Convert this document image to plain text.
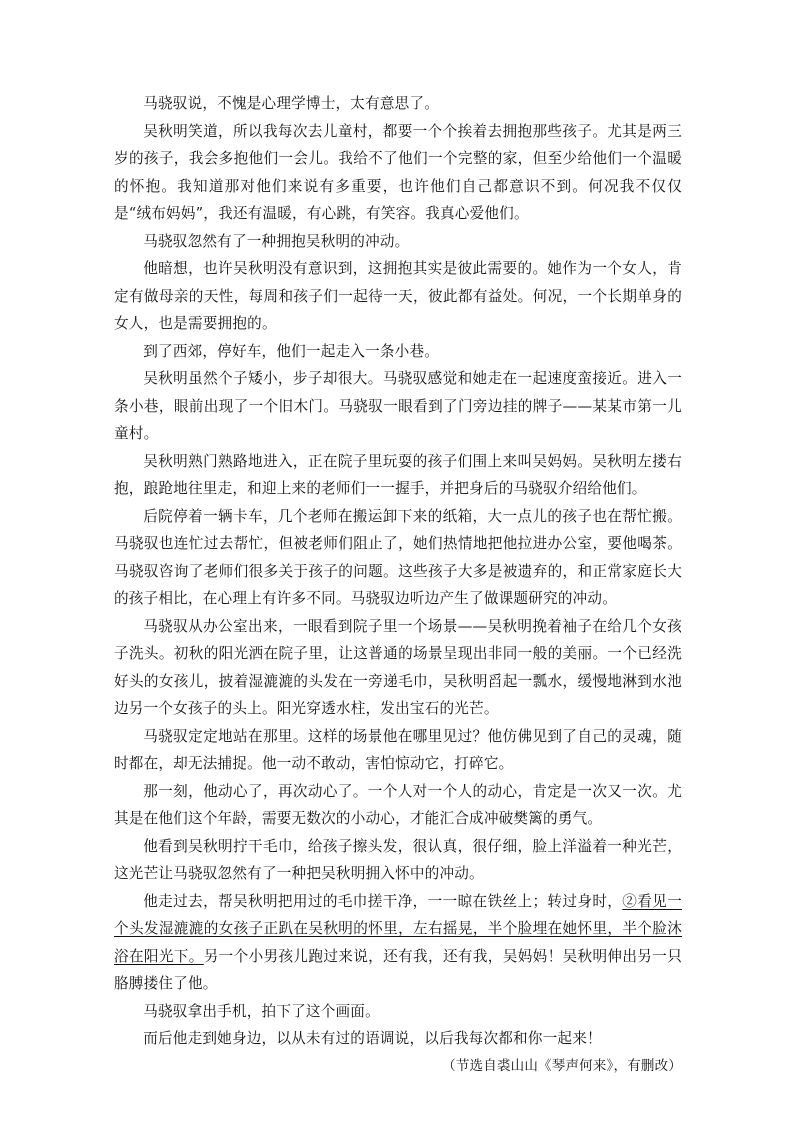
马骁驭说，不愧是心理学博士，太有意思了。

吴秋明笑道，所以我每次去儿童村，都要一个个挨着去拥抱那些孩子。尤其是两三岁的孩子，我会多抱他们一会儿。我给不了他们一个完整的家，但至少给他们一个温暖的怀抱。我知道那对他们来说有多重要，也许他们自己都意识不到。何况我不仅仅是“绒布妈妈”，我还有温暖，有心跳，有笑容。我真心爱他们。

马骁驭忽然有了一种拥抱吴秋明的冲动。

他暗想，也许吴秋明没有意识到，这拥抱其实是彼此需要的。她作为一个女人，肯定有做母亲的天性，每周和孩子们一起待一天，彼此都有益处。何况，一个长期单身的女人，也是需要拥抱的。

到了西郊，停好车，他们一起走入一条小巷。

吴秋明虽然个子矮小，步子却很大。马骁驭感觉和她走在一起速度蛮接近。进入一条小巷，眼前出现了一个旧木门。马骁驭一眼看到了门旁边挂的牌子——某某市第一儿童村。

吴秋明熟门熟路地进入，正在院子里玩耍的孩子们围上来叫吴妈妈。吴秋明左搂右抱，踉跄地往里走，和迎上来的老师们一一握手，并把身后的马骁驭介绍给他们。

后院停着一辆卡车，几个老师在搬运卸下来的纸箱，大一点儿的孩子也在帮忙搬。马骁驭也连忙过去帮忙，但被老师们阻止了，她们热情地把他拉进办公室，要他喝茶。马骁驭咨询了老师们很多关于孩子的问题。这些孩子大多是被遗弃的，和正常家庭长大的孩子相比，在心理上有许多不同。马骁驭边听边产生了做课题研究的冲动。

马骁驭从办公室出来，一眼看到院子里一个场景——吴秋明挽着袖子在给几个女孩子洗头。初秋的阳光洒在院子里，让这普通的场景呈现出非同一般的美丽。一个已经洗好头的女孩儿，披着湿漉漉的头发在一旁递毛巾，吴秋明舀起一瓢水，缓慢地淋到水池边另一个女孩子的头上。阳光穿透水柱，发出宝石的光芒。

马骁驭定定地站在那里。这样的场景他在哪里见过？他仿佛见到了自己的灵魂，随时都在，却无法捕捉。他一动不敢动，害怕惊动它，打碎它。

那一刻，他动心了，再次动心了。一个人对一个人的动心，肯定是一次又一次。尤其是在他们这个年龄，需要无数次的小动心，才能汇合成冲破樊篱的勇气。

他看到吴秋明拧干毛巾，给孩子擦头发，很认真，很仔细，脸上洋溢着一种光芒，这光芒让马骁驭忽然有了一种把吴秋明拥入怀中的冲动。

他走过去，帮吴秋明把用过的毛巾搓干净，一一晾在铁丝上；转过身时，②看见一个头发湿漉漉的女孩子正趴在吴秋明的怀里，左右摇晃，半个脸埋在她怀里，半个脸沐浴在阳光下。另一个小男孩儿跑过来说，还有我，还有我，吴妈妈！吴秋明伸出另一只胳膊搂住了他。

马骁驭拿出手机，拍下了这个画面。

而后他走到她身边，以从未有过的语调说，以后我每次都和你一起来！

（节选自裘山山《琴声何来》，有删改）
